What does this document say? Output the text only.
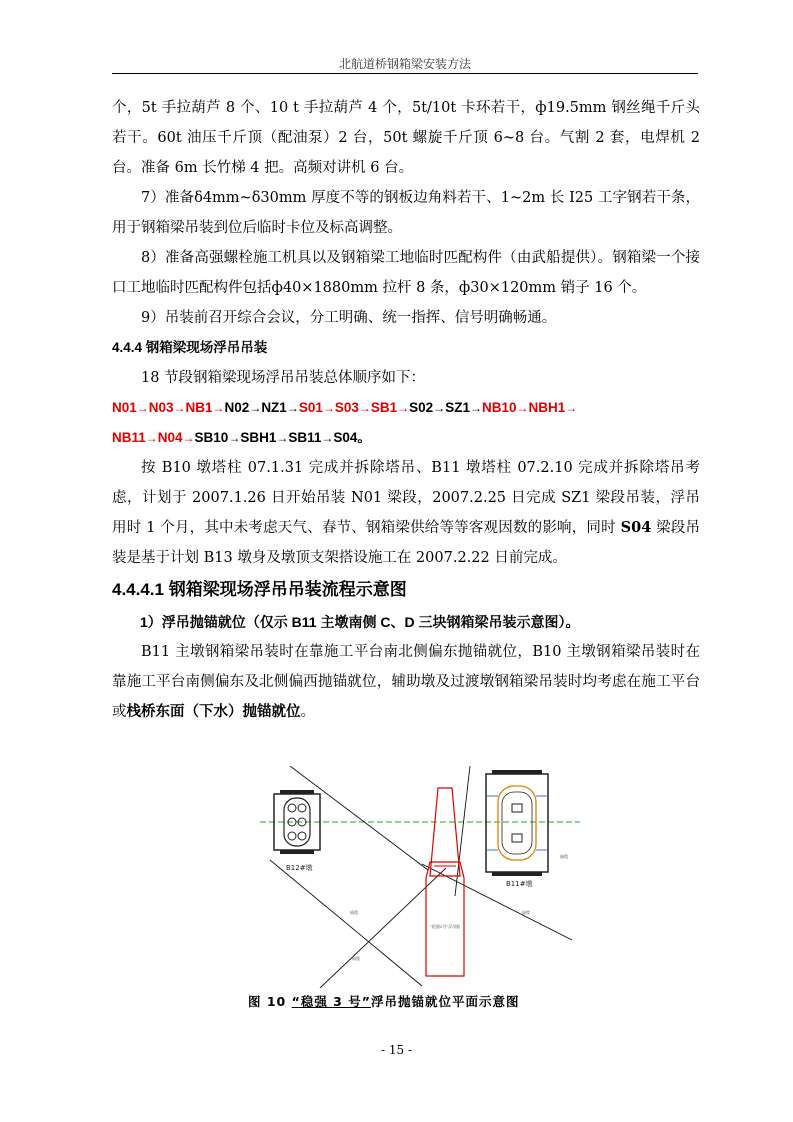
北航道桥钢箱梁安装方法

个，5t 手拉葫芦 8 个、10 t 手拉葫芦 4 个，5t/10t 卡环若干，ф19.5mm 钢丝绳千斤头若干。60t 油压千斤顶（配油泵）2 台，50t 螺旋千斤顶 6~8 台。气割 2 套，电焊机 2 台。准备 6m 长竹梯 4 把。高频对讲机 6 台。

7）准备δ4mm~δ30mm 厚度不等的钢板边角料若干、1~2m 长 I25 工字钢若干条，用于钢箱梁吊装到位后临时卡位及标高调整。

8）准备高强螺栓施工机具以及钢箱梁工地临时匹配构件（由武船提供）。钢箱梁一个接口工地临时匹配构件包括ф40×1880mm 拉杆 8 条，ф30×120mm 销子 16 个。

9）吊装前召开综合会议，分工明确、统一指挥、信号明确畅通。

4.4.4 钢箱梁现场浮吊吊装

18 节段钢箱梁现场浮吊吊装总体顺序如下：

N01→N03→NB1→N02→NZ1→S01→S03→SB1→S02→SZ1→NB10→NBH1→

NB11→N04→SB10→SBH1→SB11→S04。

按 B10 墩塔柱 07.1.31 完成并拆除塔吊、B11 墩塔柱 07.2.10 完成并拆除塔吊考虑，计划于 2007.1.26 日开始吊装 N01 梁段，2007.2.25 日完成 SZ1 梁段吊装，浮吊用时 1 个月，其中未考虑天气、春节、钢箱梁供给等等客观因数的影响，同时 S04 梁段吊装是基于计划 B13 墩身及墩顶支架搭设施工在 2007.2.22 日前完成。

4.4.4.1 钢箱梁现场浮吊吊装流程示意图

1）浮吊抛锚就位（仅示 B11 主墩南侧 C、D 三块钢箱梁吊装示意图）。

B11 主墩钢箱梁吊装时在靠施工平台南北侧偏东抛锚就位，B10 主墩钢箱梁吊装时在靠施工平台南侧偏东及北侧偏西抛锚就位，辅助墩及过渡墩钢箱梁吊装时均考虑在施工平台或栈桥东面（下水）抛锚就位。

B12#墩
B11#墩
锚缆
锚缆
锚缆
锚缆
"稳强3号"浮吊船
图 10 “稳强 3 号”浮吊抛锚就位平面示意图
- 15 -
